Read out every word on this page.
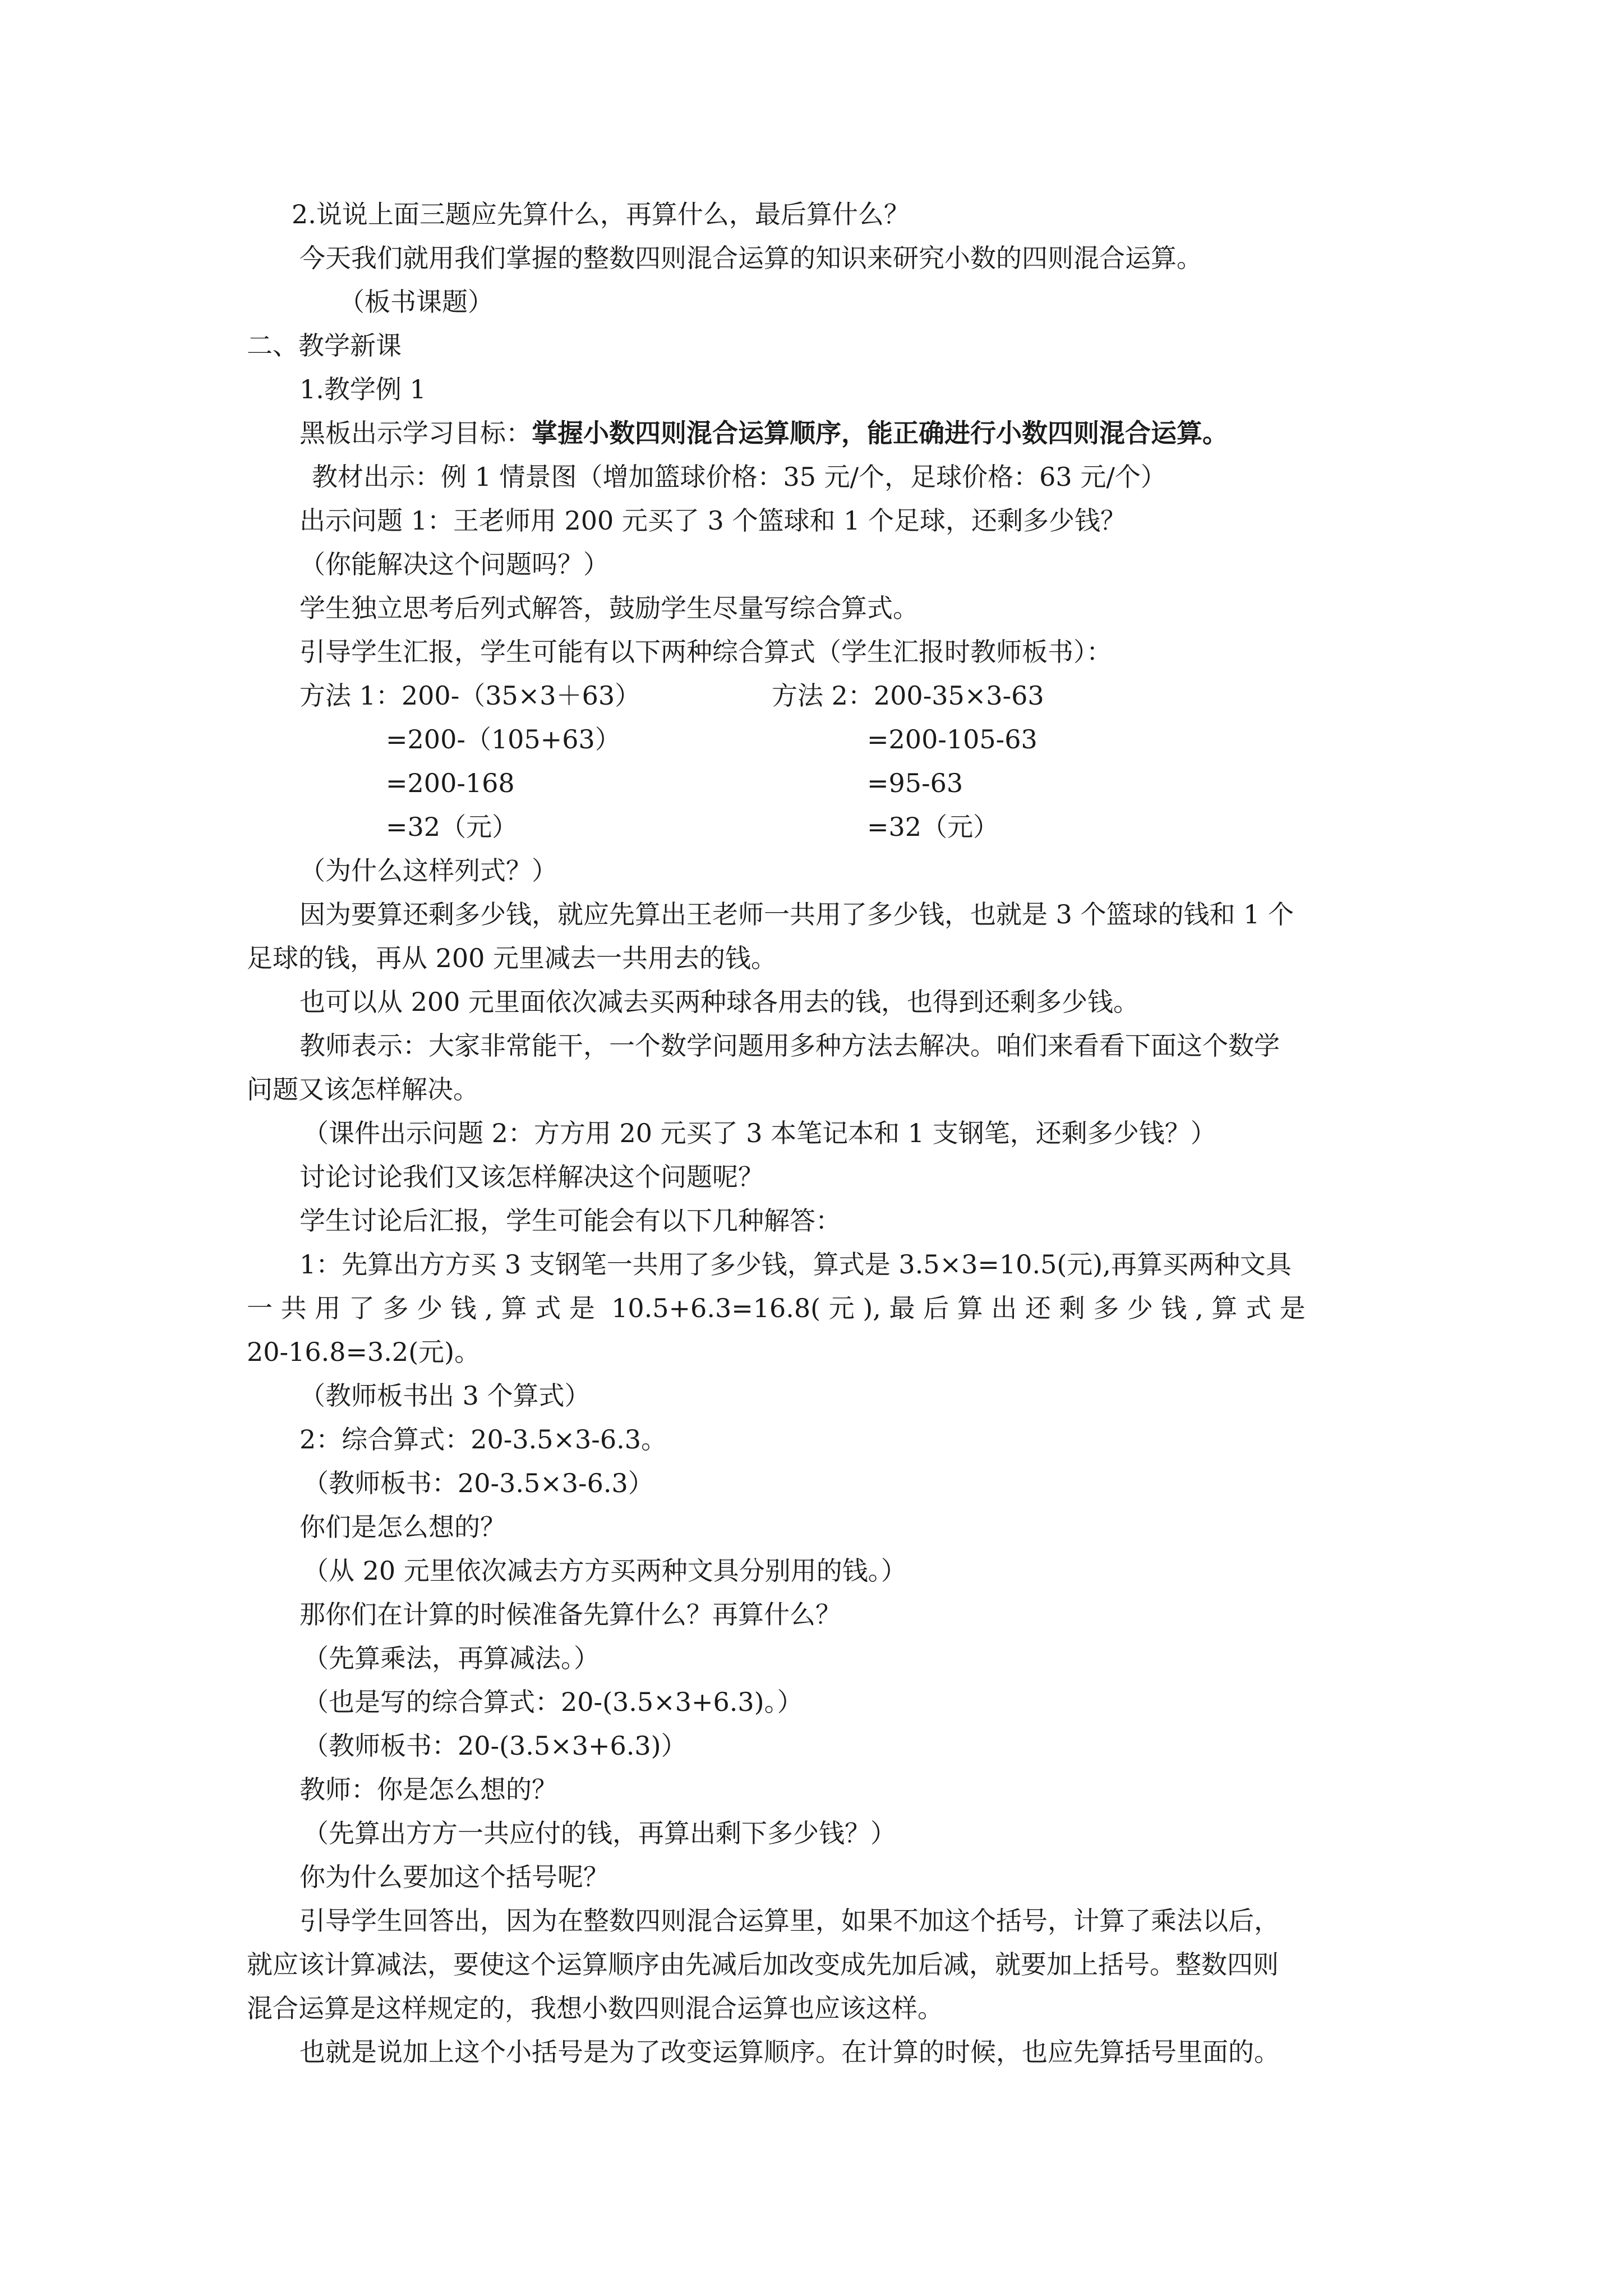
2.说说上面三题应先算什么，再算什么，最后算什么？
今天我们就用我们掌握的整数四则混合运算的知识来研究小数的四则混合运算。
（板书课题）
二、教学新课
1.教学例 1
黑板出示学习目标：掌握小数四则混合运算顺序，能正确进行小数四则混合运算。
教材出示：例 1 情景图（增加篮球价格：35 元/个，足球价格：63 元/个）
出示问题 1：王老师用 200 元买了 3 个篮球和 1 个足球，还剩多少钱？
（你能解决这个问题吗？）
学生独立思考后列式解答，鼓励学生尽量写综合算式。
引导学生汇报，学生可能有以下两种综合算式（学生汇报时教师板书）：
方法 1：200-（35×3＋63）	方法 2：200-35×3-63
=200-（105+63）	=200-105-63
=200-168	=95-63
=32（元）	=32（元）
（为什么这样列式？）
因为要算还剩多少钱，就应先算出王老师一共用了多少钱，也就是 3 个篮球的钱和 1 个
足球的钱，再从 200 元里减去一共用去的钱。
也可以从 200 元里面依次减去买两种球各用去的钱，也得到还剩多少钱。
教师表示：大家非常能干，一个数学问题用多种方法去解决。咱们来看看下面这个数学
问题又该怎样解决。
（课件出示问题 2：方方用 20 元买了 3 本笔记本和 1 支钢笔，还剩多少钱？）
讨论讨论我们又该怎样解决这个问题呢？
学生讨论后汇报，学生可能会有以下几种解答：
1：先算出方方买 3 支钢笔一共用了多少钱，算式是 3.5×3=10.5(元),再算买两种文具
一 共 用 了 多 少 钱 , 算 式 是  10.5+6.3=16.8( 元 ), 最 后 算 出 还 剩 多 少 钱 , 算 式 是
20-16.8=3.2(元)。
（教师板书出 3 个算式）
2：综合算式：20-3.5×3-6.3。
（教师板书：20-3.5×3-6.3）
你们是怎么想的？
（从 20 元里依次减去方方买两种文具分别用的钱。）
那你们在计算的时候准备先算什么？再算什么？
（先算乘法，再算减法。）
（也是写的综合算式：20-(3.5×3+6.3)。）
（教师板书：20-(3.5×3+6.3)）
教师：你是怎么想的？
（先算出方方一共应付的钱，再算出剩下多少钱？）
你为什么要加这个括号呢？
引导学生回答出，因为在整数四则混合运算里，如果不加这个括号，计算了乘法以后，
就应该计算减法，要使这个运算顺序由先减后加改变成先加后减，就要加上括号。整数四则
混合运算是这样规定的，我想小数四则混合运算也应该这样。
也就是说加上这个小括号是为了改变运算顺序。在计算的时候，也应先算括号里面的。
